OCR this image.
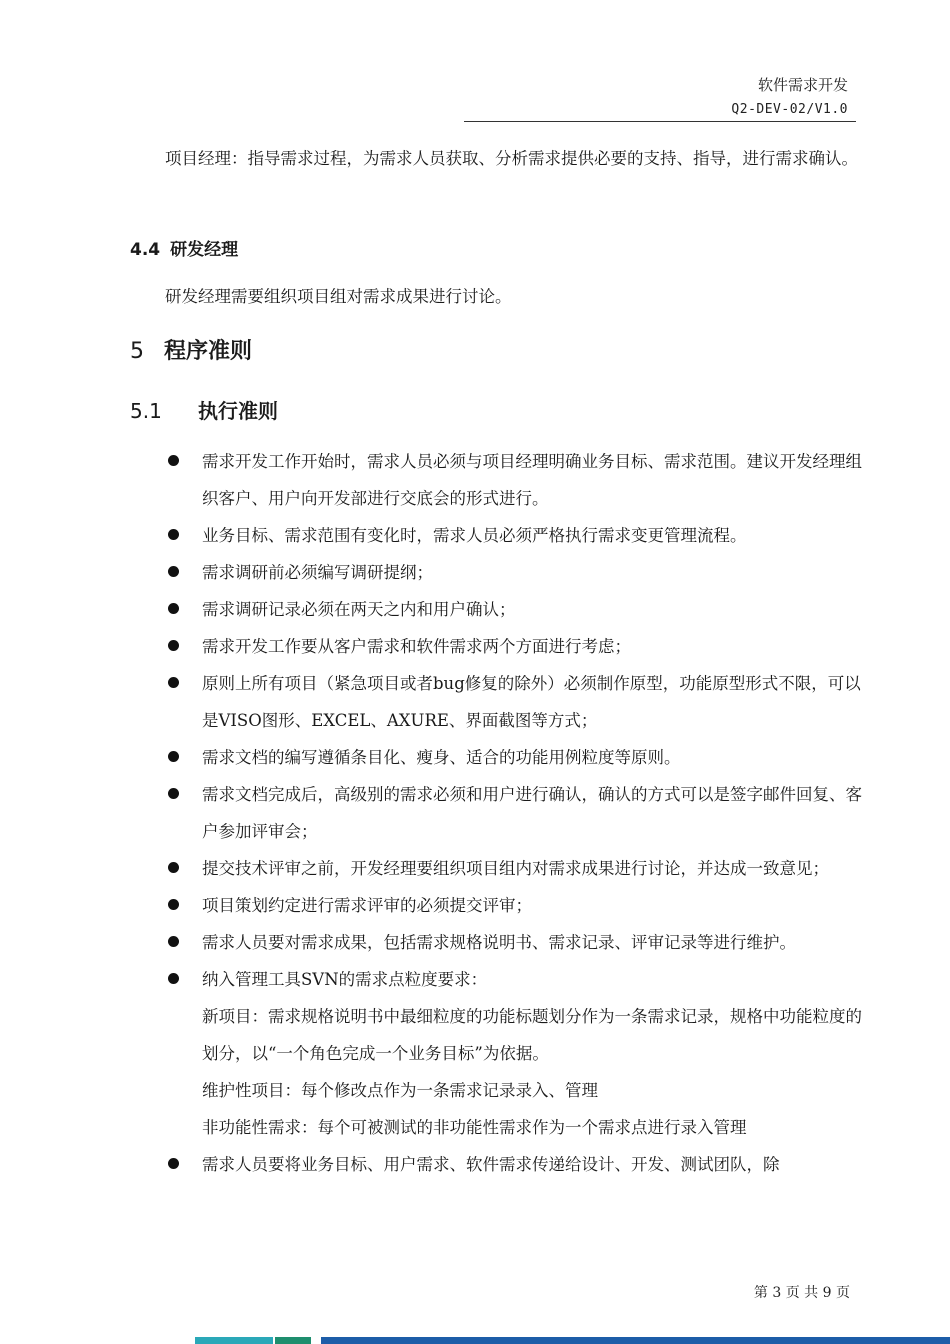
软件需求开发
Q2-DEV-02/V1.0

项目经理：指导需求过程，为需求人员获取、分析需求提供必要的支持、指导，进行需求确认。

4.4 研发经理

研发经理需要组织项目组对需求成果进行讨论。

5 程序准则
5.1 执行准则
需求开发工作开始时，需求人员必须与项目经理明确业务目标、需求范围。建议开发经理组织客户、用户向开发部进行交底会的形式进行。
业务目标、需求范围有变化时，需求人员必须严格执行需求变更管理流程。
需求调研前必须编写调研提纲；
需求调研记录必须在两天之内和用户确认；
需求开发工作要从客户需求和软件需求两个方面进行考虑；
原则上所有项目（紧急项目或者bug修复的除外）必须制作原型，功能原型形式不限，可以是VISO图形、EXCEL、AXURE、界面截图等方式；
需求文档的编写遵循条目化、瘦身、适合的功能用例粒度等原则。
需求文档完成后，高级别的需求必须和用户进行确认，确认的方式可以是签字邮件回复、客户参加评审会；
提交技术评审之前，开发经理要组织项目组内对需求成果进行讨论，并达成一致意见；
项目策划约定进行需求评审的必须提交评审；
需求人员要对需求成果，包括需求规格说明书、需求记录、评审记录等进行维护。
纳入管理工具SVN的需求点粒度要求：
新项目：需求规格说明书中最细粒度的功能标题划分作为一条需求记录，规格中功能粒度的划分，以“一个角色完成一个业务目标”为依据。
维护性项目：每个修改点作为一条需求记录录入、管理
非功能性需求：每个可被测试的非功能性需求作为一个需求点进行录入管理
需求人员要将业务目标、用户需求、软件需求传递给设计、开发、测试团队，除
第 3 页 共 9 页
